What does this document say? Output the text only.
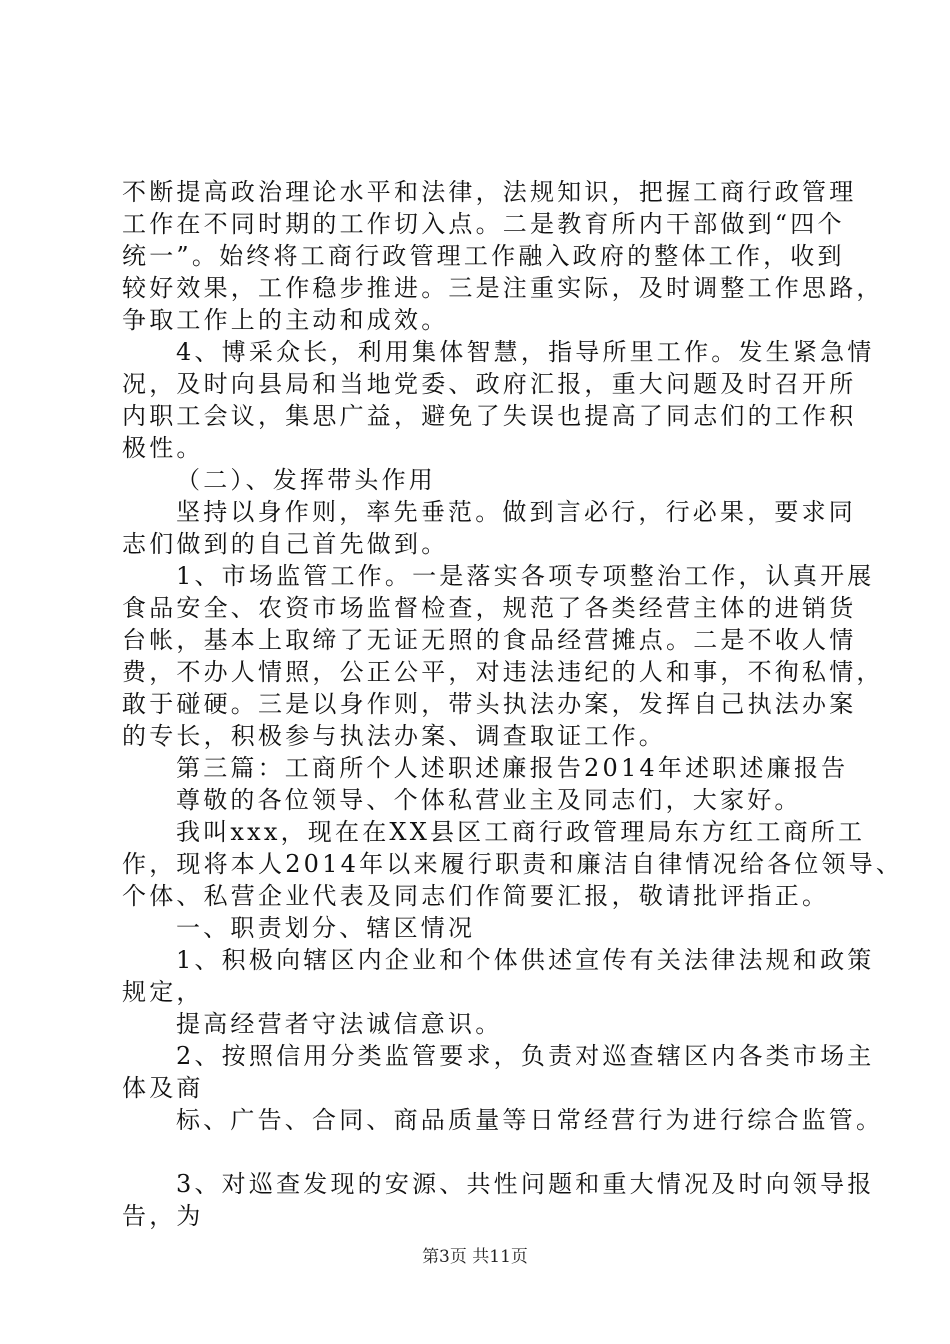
不断提高政治理论水平和法律，法规知识，把握工商行政管理
工作在不同时期的工作切入点。二是教育所内干部做到“四个
统一”。始终将工商行政管理工作融入政府的整体工作，收到
较好效果，工作稳步推进。三是注重实际，及时调整工作思路，
争取工作上的主动和成效。
4、博采众长，利用集体智慧，指导所里工作。发生紧急情
况，及时向县局和当地党委、政府汇报，重大问题及时召开所
内职工会议，集思广益，避免了失误也提高了同志们的工作积
极性。
（二）、发挥带头作用
坚持以身作则，率先垂范。做到言必行，行必果，要求同
志们做到的自己首先做到。
1、市场监管工作。一是落实各项专项整治工作，认真开展
食品安全、农资市场监督检查，规范了各类经营主体的进销货
台帐，基本上取缔了无证无照的食品经营摊点。二是不收人情
费，不办人情照，公正公平，对违法违纪的人和事，不徇私情，
敢于碰硬。三是以身作则，带头执法办案，发挥自己执法办案
的专长，积极参与执法办案、调查取证工作。
第三篇：工商所个人述职述廉报告2014年述职述廉报告
尊敬的各位领导、个体私营业主及同志们，大家好。
我叫xxx，现在在XX县区工商行政管理局东方红工商所工
作，现将本人2014年以来履行职责和廉洁自律情况给各位领导、
个体、私营企业代表及同志们作简要汇报，敬请批评指正。
一、职责划分、辖区情况
1、积极向辖区内企业和个体供述宣传有关法律法规和政策
规定，
提高经营者守法诚信意识。
2、按照信用分类监管要求，负责对巡查辖区内各类市场主
体及商
标、广告、合同、商品质量等日常经营行为进行综合监管。
3、对巡查发现的安源、共性问题和重大情况及时向领导报
告，为
第3页 共11页
